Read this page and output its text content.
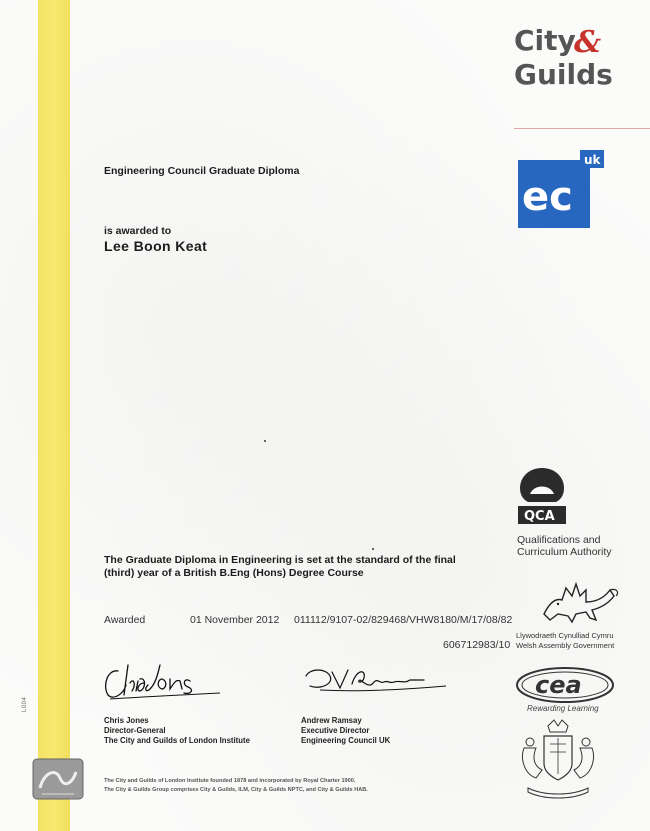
L004
City
&
Guilds
Engineering Council Graduate Diploma
is awarded to
Lee Boon Keat
uk
ec
QCA
Qualifications and
Curriculum Authority
The Graduate Diploma in Engineering is set at the standard of the final
(third) year of a British B.Eng (Hons) Degree Course
Llywodraeth Cynulliad Cymru
Welsh Assembly Government
Awarded	01 November 2012 011112/9107-02/829468/VHW8180/M/17/08/82
606712983/10
cea
Rewarding Learning
Chris Jones
Director-General
The City and Guilds of London Institute
Andrew Ramsay
Executive Director
Engineering Council UK
The City and Guilds of London Institute founded 1878 and incorporated by Royal Charter 1900.
The City & Guilds Group comprises City & Guilds, ILM, City & Guilds NPTC, and City & Guilds HAB.
